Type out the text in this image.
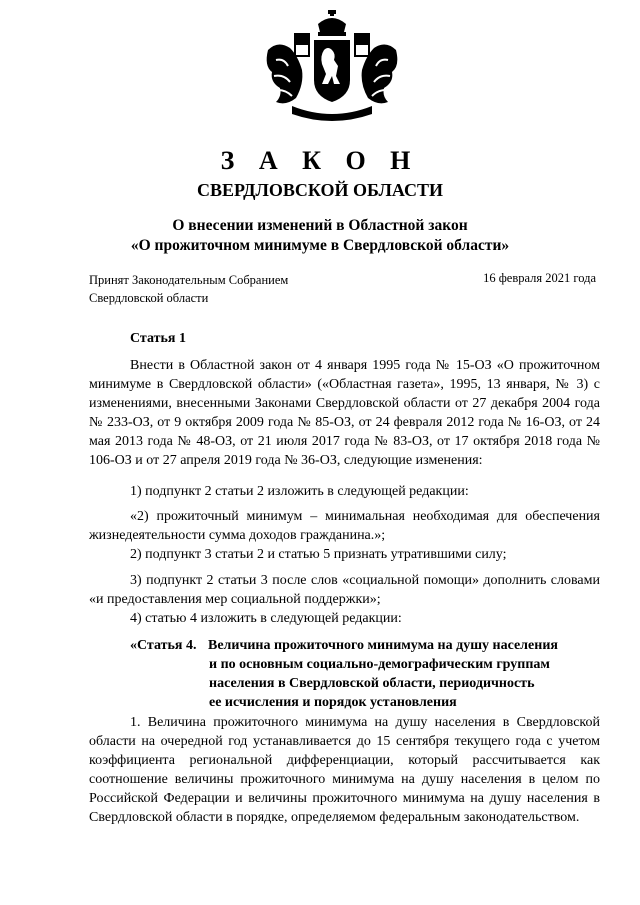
З А К О Н
СВЕРДЛОВСКОЙ ОБЛАСТИ
О внесении изменений в Областной закон
«О прожиточном минимуме в Свердловской области»
Принят Законодательным Собранием
Свердловской области
16 февраля 2021 года
Статья 1

Внести в Областной закон от 4 января 1995 года № 15-ОЗ «О прожиточном минимуме в Свердловской области» («Областная газета», 1995, 13 января, № 3) с изменениями, внесенными Законами Свердловской области от 27 декабря 2004 года № 233-ОЗ, от 9 октября 2009 года № 85-ОЗ, от 24 февраля 2012 года № 16-ОЗ, от 24 мая 2013 года № 48-ОЗ, от 21 июля 2017 года № 83-ОЗ, от 17 октября 2018 года № 106-ОЗ и от 27 апреля 2019 года № 36-ОЗ, следующие изменения:

1) подпункт 2 статьи 2 изложить в следующей редакции:

«2) прожиточный минимум – минимальная необходимая для обеспечения жизнедеятельности сумма доходов гражданина.»;

2) подпункт 3 статьи 2 и статью 5 признать утратившими силу;

3) подпункт 2 статьи 3 после слов «социальной помощи» дополнить словами «и предоставления мер социальной поддержки»;

4) статью 4 изложить в следующей редакции:

«Статья 4. Величина прожиточного минимума на душу населения
и по основным социально-демографическим группам
населения в Свердловской области, периодичность
ее исчисления и порядок установления

1. Величина прожиточного минимума на душу населения в Свердловской области на очередной год устанавливается до 15 сентября текущего года с учетом коэффициента региональной дифференциации, который рассчитывается как соотношение величины прожиточного минимума на душу населения в целом по Российской Федерации и величины прожиточного минимума на душу населения в Свердловской области в порядке, определяемом федеральным законодательством.
